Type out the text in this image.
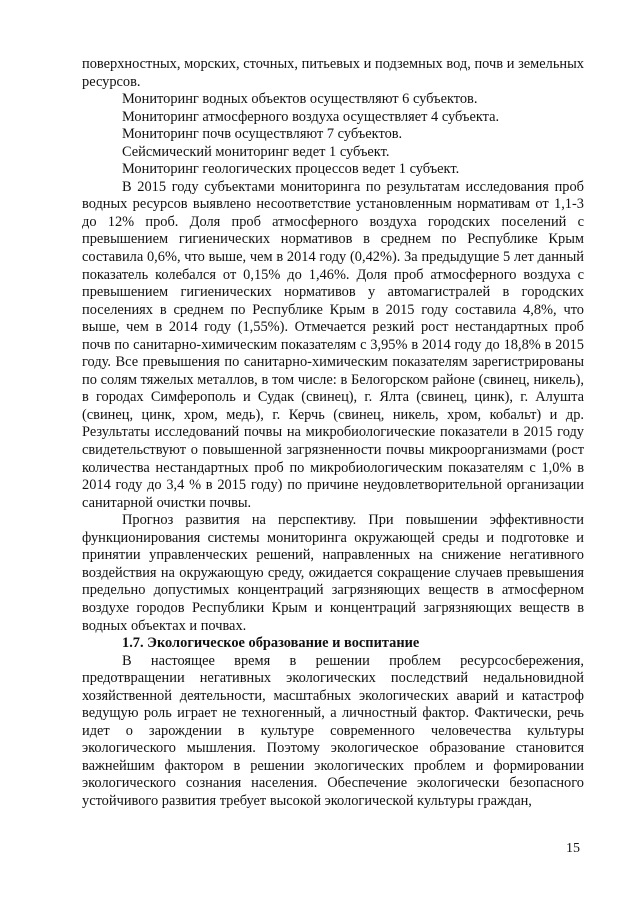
поверхностных, морских, сточных, питьевых и подземных вод, почв и земельных ресурсов.

Мониторинг водных объектов осуществляют 6 субъектов.

Мониторинг атмосферного воздуха осуществляет 4 субъекта.

Мониторинг почв осуществляют 7 субъектов.

Сейсмический мониторинг ведет 1 субъект.

Мониторинг геологических процессов ведет 1 субъект.

В 2015 году субъектами мониторинга по результатам исследования проб водных ресурсов выявлено несоответствие установленным нормативам от 1,1-3 до 12% проб. Доля проб атмосферного воздуха городских поселений с превышением гигиенических нормативов в среднем по Республике Крым составила 0,6%, что выше, чем в 2014 году (0,42%). За предыдущие 5 лет данный показатель колебался от 0,15% до 1,46%. Доля проб атмосферного воздуха с превышением гигиенических нормативов у автомагистралей в городских поселениях в среднем по Республике Крым в 2015 году составила 4,8%, что выше, чем в 2014 году (1,55%). Отмечается резкий рост нестандартных проб почв по санитарно-химическим показателям с 3,95% в 2014 году до 18,8% в 2015 году. Все превышения по санитарно-химическим показателям зарегистрированы по солям тяжелых металлов, в том числе: в Белогорском районе (свинец, никель), в городах Симферополь и Судак (свинец), г. Ялта (свинец, цинк), г. Алушта (свинец, цинк, хром, медь), г. Керчь (свинец, никель, хром, кобальт) и др. Результаты исследований почвы на микробиологические показатели в 2015 году свидетельствуют о повышенной загрязненности почвы микроорганизмами (рост количества нестандартных проб по микробиологическим показателям с 1,0% в 2014 году до 3,4 % в 2015 году) по причине неудовлетворительной организации санитарной очистки почвы.

Прогноз развития на перспективу. При повышении эффективности функционирования системы мониторинга окружающей среды и подготовке и принятии управленческих решений, направленных на снижение негативного воздействия на окружающую среду, ожидается сокращение случаев превышения предельно допустимых концентраций загрязняющих веществ в атмосферном воздухе городов Республики Крым и концентраций загрязняющих веществ в водных объектах и почвах.

1.7. Экологическое образование и воспитание

В настоящее время в решении проблем ресурсосбережения, предотвращении негативных экологических последствий недальновидной хозяйственной деятельности, масштабных экологических аварий и катастроф ведущую роль играет не техногенный, а личностный фактор. Фактически, речь идет о зарождении в культуре современного человечества культуры экологического мышления. Поэтому экологическое образование становится важнейшим фактором в решении экологических проблем и формировании экологического сознания населения. Обеспечение экологически безопасного устойчивого развития требует высокой экологической культуры граждан,

15
